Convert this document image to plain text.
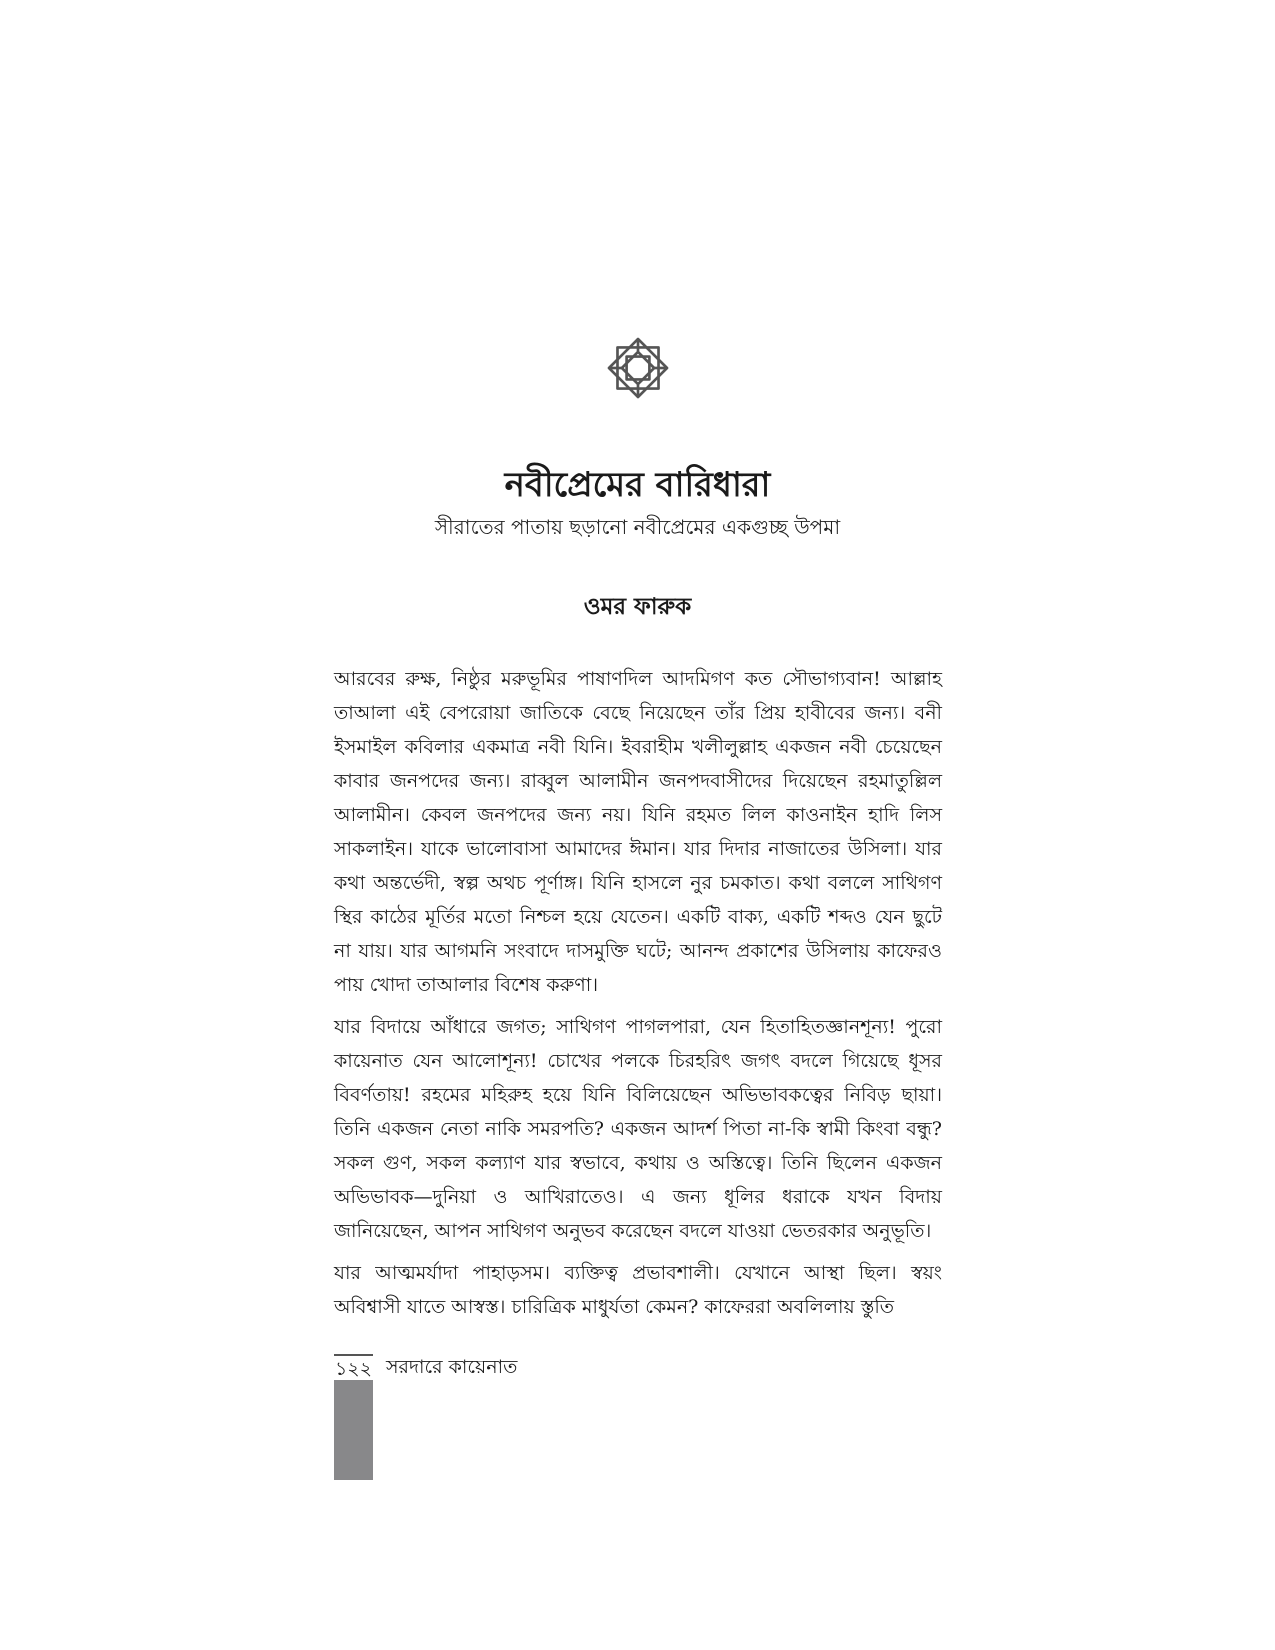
নবীপ্রেমের বারিধারা

সীরাতের পাতায় ছড়ানো নবীপ্রেমের একগুচ্ছ উপমা

ওমর ফারুক

আরবের রুক্ষ, নিষ্ঠুর মরুভূমির পাষাণদিল আদমিগণ কত সৌভাগ্যবান! আল্লাহ তাআলা এই বেপরোয়া জাতিকে বেছে নিয়েছেন তাঁর প্রিয় হাবীবের জন্য। বনী ইসমাইল কবিলার একমাত্র নবী যিনি। ইবরাহীম খলীলুল্লাহ একজন নবী চেয়েছেন কাবার জনপদের জন্য। রাব্বুল আলামীন জনপদবাসীদের দিয়েছেন রহমাতুল্লিল আলামীন। কেবল জনপদের জন্য নয়। যিনি রহমত লিল কাওনাইন হাদি লিস সাকলাইন। যাকে ভালোবাসা আমাদের ঈমান। যার দিদার নাজাতের উসিলা। যার কথা অন্তর্ভেদী, স্বল্প অথচ পূর্ণাঙ্গ। যিনি হাসলে নুর চমকাত। কথা বললে সাথিগণ স্থির কাঠের মূর্তির মতো নিশ্চল হয়ে যেতেন। একটি বাক্য, একটি শব্দও যেন ছুটে না যায়। যার আগমনি সংবাদে দাসমুক্তি ঘটে; আনন্দ প্রকাশের উসিলায় কাফেরও পায় খোদা তাআলার বিশেষ করুণা।

যার বিদায়ে আঁধারে জগত; সাথিগণ পাগলপারা, যেন হিতাহিতজ্ঞানশূন্য! পুরো কায়েনাত যেন আলোশূন্য! চোখের পলকে চিরহরিৎ জগৎ বদলে গিয়েছে ধূসর বিবর্ণতায়! রহমের মহিরুহ হয়ে যিনি বিলিয়েছেন অভিভাবকত্বের নিবিড় ছায়া। তিনি একজন নেতা নাকি সমরপতি? একজন আদর্শ পিতা না-কি স্বামী কিংবা বন্ধু? সকল গুণ, সকল কল্যাণ যার স্বভাবে, কথায় ও অস্তিত্বে। তিনি ছিলেন একজন অভিভাবক—দুনিয়া ও আখিরাতেও। এ জন্য ধূলির ধরাকে যখন বিদায় জানিয়েছেন, আপন সাথিগণ অনুভব করেছেন বদলে যাওয়া ভেতরকার অনুভূতি।

যার আত্মমর্যাদা পাহাড়সম। ব্যক্তিত্ব প্রভাবশালী। যেখানে আস্থা ছিল। স্বয়ং অবিশ্বাসী যাতে আস্বস্ত। চারিত্রিক মাধুর্যতা কেমন? কাফেররা অবলিলায় স্তুতি

১২২ সরদারে কায়েনাত
